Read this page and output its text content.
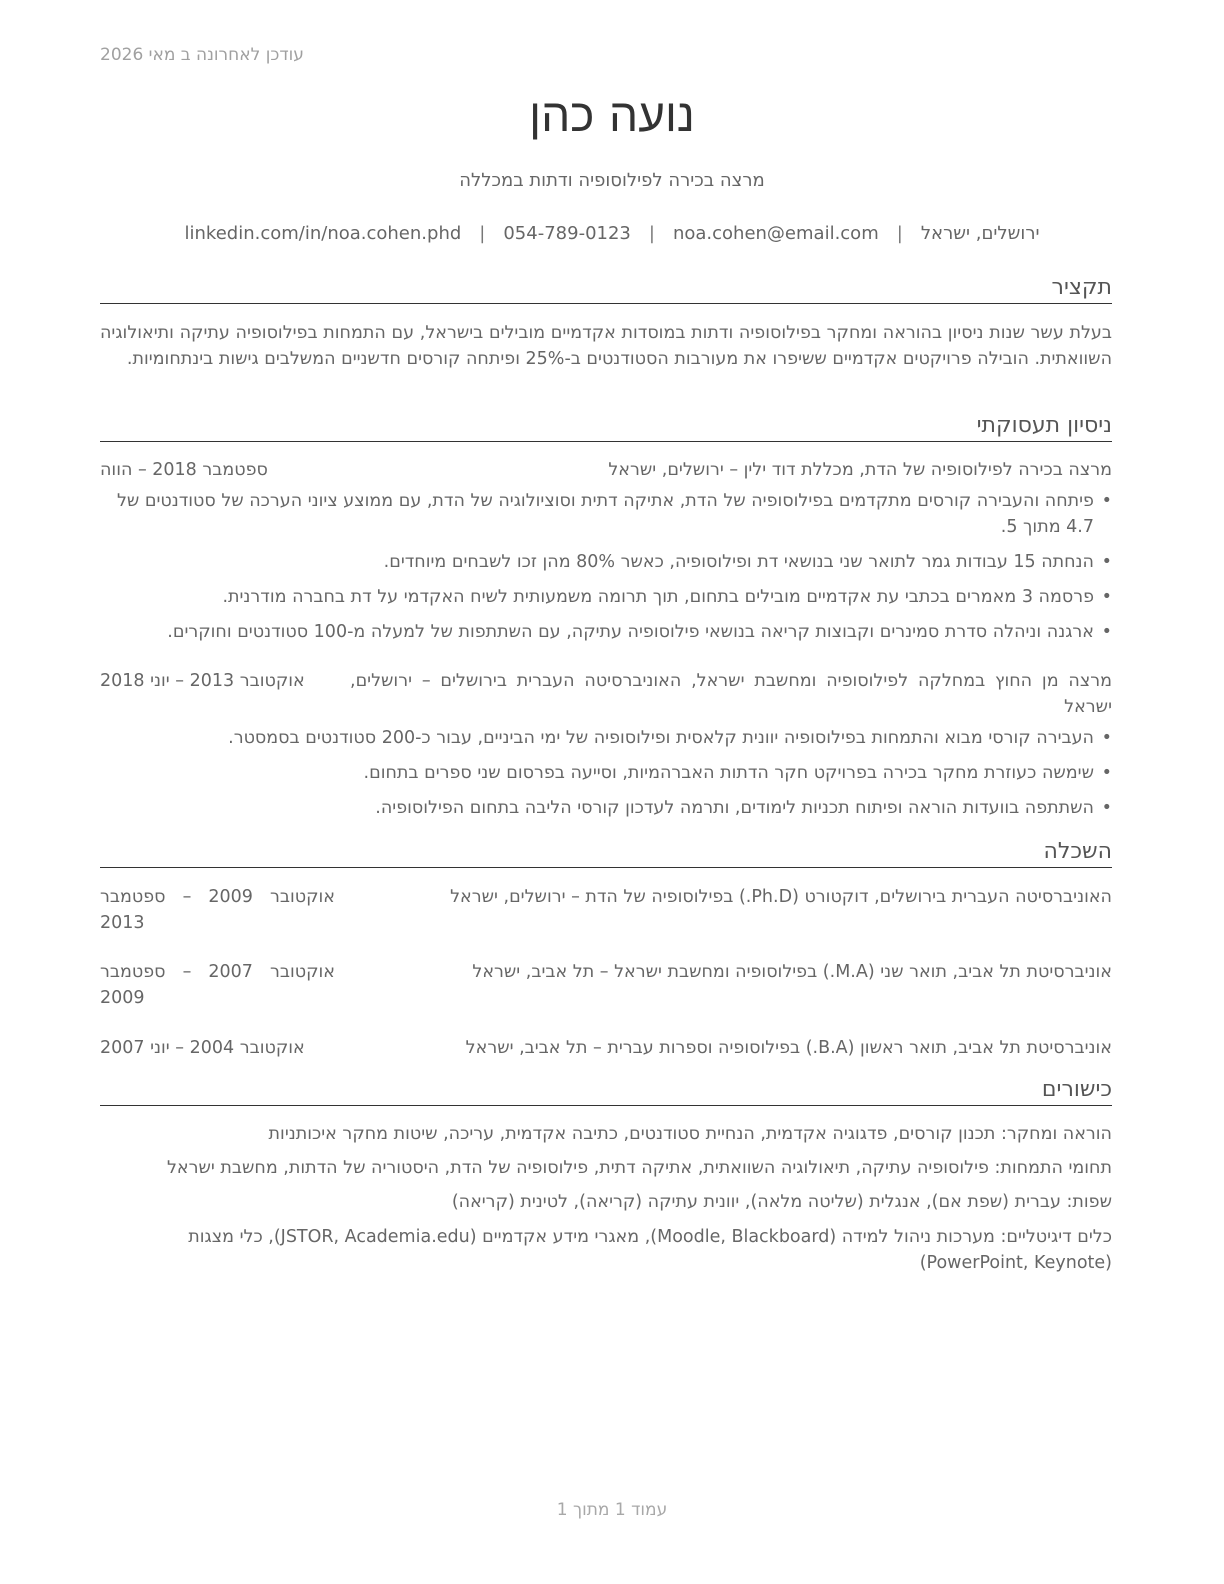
עודכן לאחרונה ב מאי 2026
נועה כהן
מרצה בכירה לפילוסופיה ודתות במכללה
ירושלים, ישראל
|
noa.cohen@email.com
|
054-789-0123
|
linkedin.com/in/noa.cohen.phd
תקציר
בעלת עשר שנות ניסיון בהוראה ומחקר בפילוסופיה ודתות במוסדות אקדמיים מובילים בישראל, עם התמחות בפילוסופיה עתיקה ותיאולוגיה השוואתית. הובילה פרויקטים אקדמיים ששיפרו את מעורבות הסטודנטים ב-25% ופיתחה קורסים חדשניים המשלבים גישות בינתחומיות.
ניסיון תעסוקתי
מרצה בכירה לפילוסופיה של הדת, מכללת דוד ילין – ירושלים, ישראל
ספטמבר 2018 – הווה
• פיתחה והעבירה קורסים מתקדמים בפילוסופיה של הדת, אתיקה דתית וסוציולוגיה של הדת, עם ממוצע ציוני הערכה של סטודנטים של 4.7 מתוך 5.
• הנחתה 15 עבודות גמר לתואר שני בנושאי דת ופילוסופיה, כאשר 80% מהן זכו לשבחים מיוחדים.
• פרסמה 3 מאמרים בכתבי עת אקדמיים מובילים בתחום, תוך תרומה משמעותית לשיח האקדמי על דת בחברה מודרנית.
• ארגנה וניהלה סדרת סמינרים וקבוצות קריאה בנושאי פילוסופיה עתיקה, עם השתתפות של למעלה מ-100 סטודנטים וחוקרים.
מרצה מן החוץ במחלקה לפילוסופיה ומחשבת ישראל, האוניברסיטה העברית בירושלים – ירושלים, ישראל
אוקטובר 2013 – יוני 2018
• העבירה קורסי מבוא והתמחות בפילוסופיה יוונית קלאסית ופילוסופיה של ימי הביניים, עבור כ-200 סטודנטים בסמסטר.
• שימשה כעוזרת מחקר בכירה בפרויקט חקר הדתות האברהמיות, וסייעה בפרסום שני ספרים בתחום.
• השתתפה בוועדות הוראה ופיתוח תכניות לימודים, ותרמה לעדכון קורסי הליבה בתחום הפילוסופיה.
השכלה
האוניברסיטה העברית בירושלים, דוקטורט (Ph.D.) בפילוסופיה של הדת – ירושלים, ישראל
אוקטובר 2009 – ספטמבר 2013
אוניברסיטת תל אביב, תואר שני (M.A.) בפילוסופיה ומחשבת ישראל – תל אביב, ישראל
אוקטובר 2007 – ספטמבר 2009
אוניברסיטת תל אביב, תואר ראשון (B.A.) בפילוסופיה וספרות עברית – תל אביב, ישראל
אוקטובר 2004 – יוני 2007
כישורים
הוראה ומחקר: תכנון קורסים, פדגוגיה אקדמית, הנחיית סטודנטים, כתיבה אקדמית, עריכה, שיטות מחקר איכותניות
תחומי התמחות: פילוסופיה עתיקה, תיאולוגיה השוואתית, אתיקה דתית, פילוסופיה של הדת, היסטוריה של הדתות, מחשבת ישראל
שפות: עברית (שפת אם), אנגלית (שליטה מלאה), יוונית עתיקה (קריאה), לטינית (קריאה)
כלים דיגיטליים: מערכות ניהול למידה (Moodle, Blackboard), מאגרי מידע אקדמיים (JSTOR, Academia.edu), כלי מצגות (PowerPoint, Keynote)
עמוד 1 מתוך 1
